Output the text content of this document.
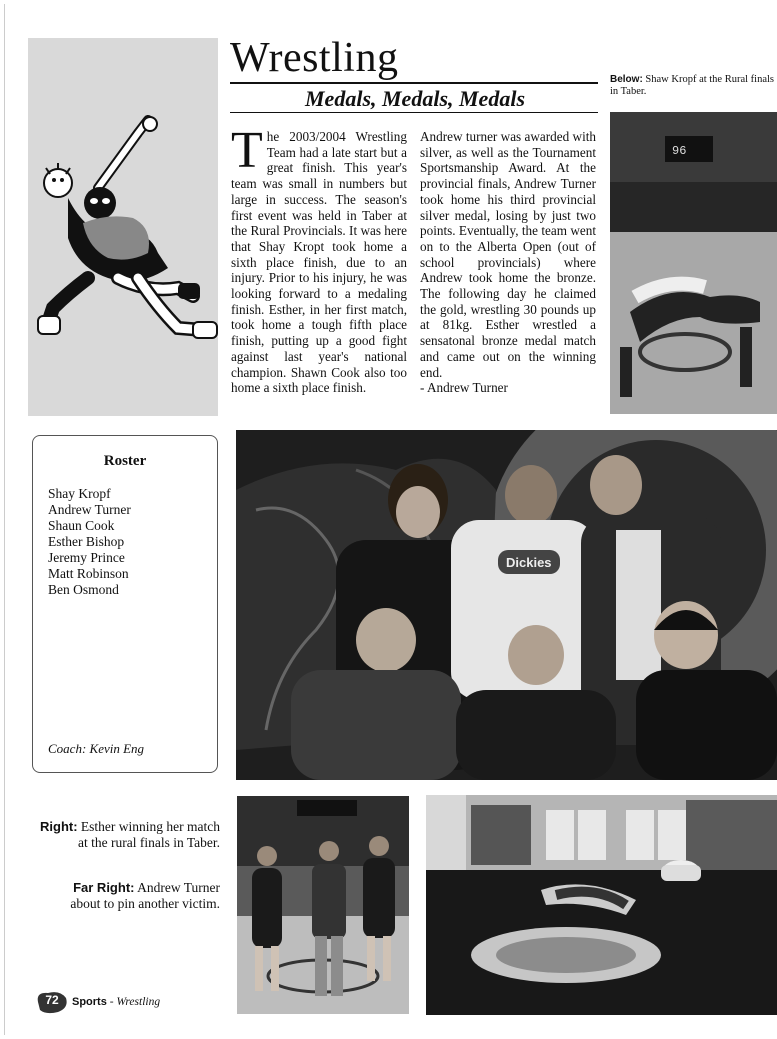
Wrestling
Medals, Medals, Medals
The 2003/2004 Wrestling Team had a late start but a great finish. This year's team was small in numbers but large in success. The season's first event was held in Taber at the Rural Provincials. It was here that Shay Kropt took home a sixth place finish, due to an injury. Prior to his injury, he was looking forward to a medaling finish. Esther, in her first match, took home a tough fifth place finish, putting up a good fight against last year's national champion. Shawn Cook also too home a sixth place finish.
Andrew turner was awarded with silver, as well as the Tournament Sportsmanship Award. At the provincial finals, Andrew Turner took home his third provincial silver medal, losing by just two points. Eventually, the team went on to the Alberta Open (out of school provincials) where Andrew took home the bronze. The following day he claimed the gold, wrestling 30 pounds up at 81kg. Esther wrestled a sensatonal bronze medal match and came out on the winning end.
- Andrew Turner
Below: Shaw Kropf at the Rural finals
in Taber.
96
Roster
Shay Kropf
Andrew Turner
Shaun Cook
Esther Bishop
Jeremy Prince
Matt Robinson
Ben Osmond
Coach: Kevin Eng
Dickies
Right: Esther winning her match at the rural finals in Taber.
Far Right: Andrew Turner about to pin another victim.
72	Sports - Wrestling
